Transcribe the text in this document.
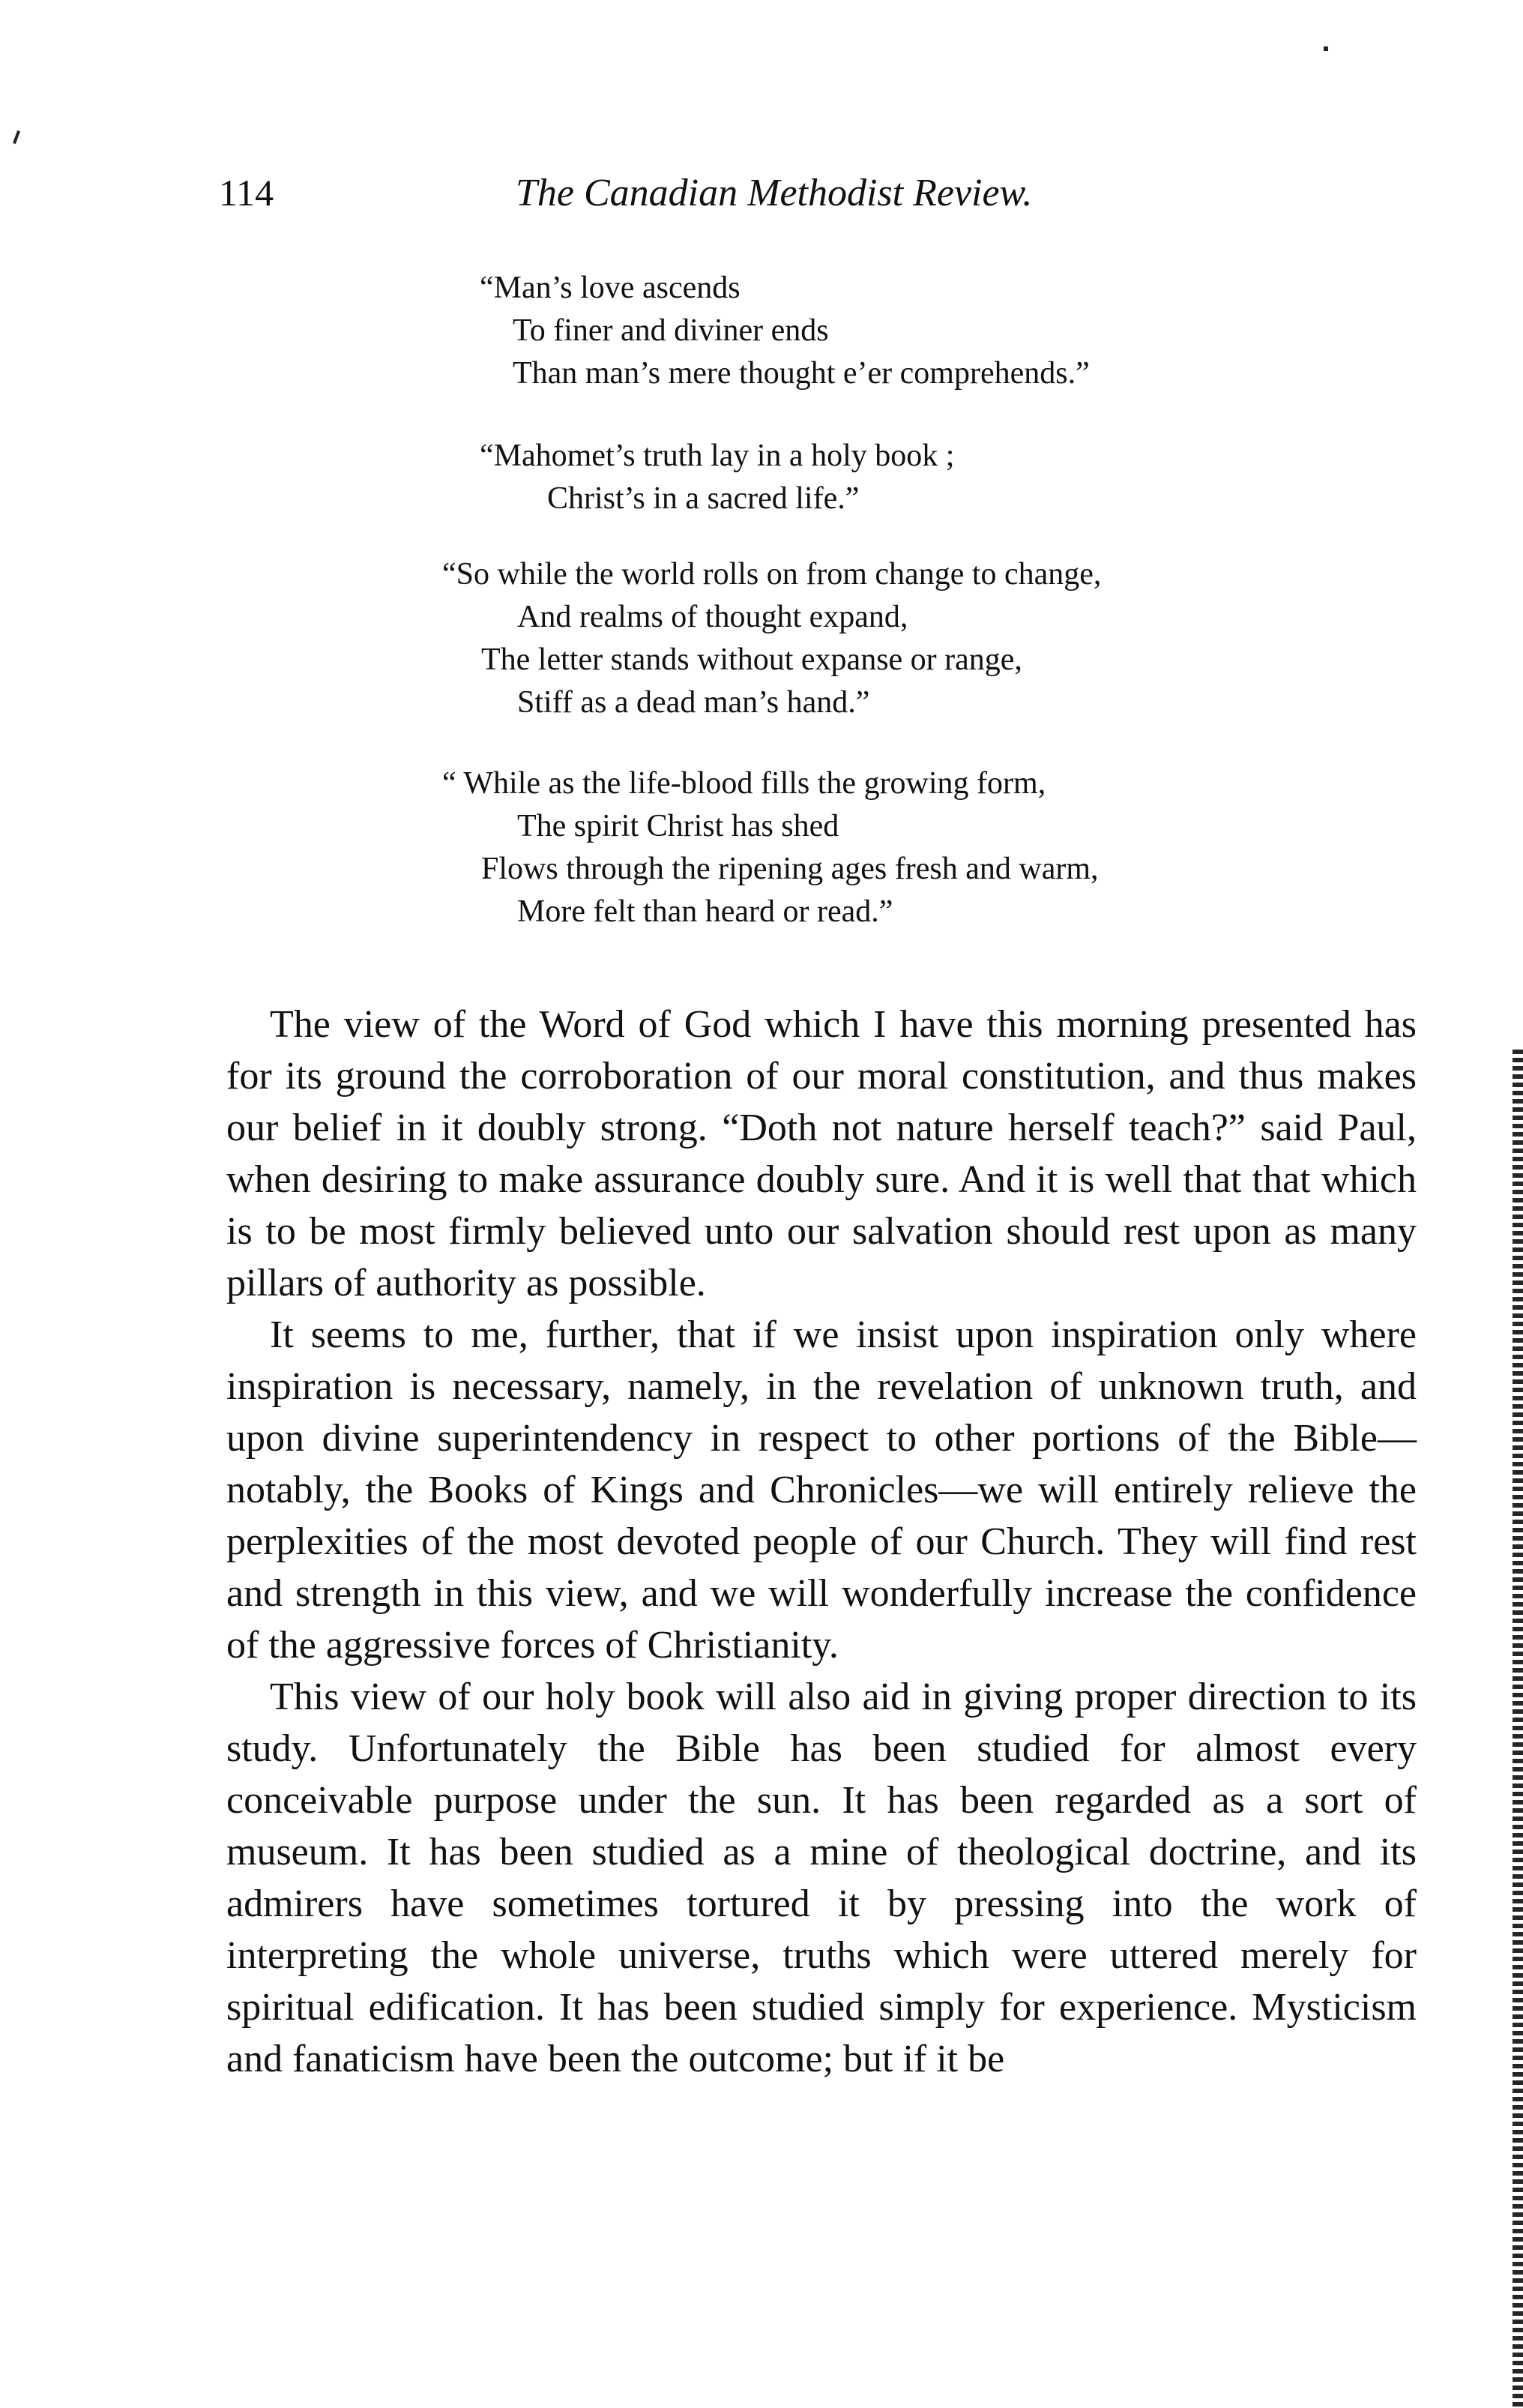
114	The Canadian Methodist Review.
“Man’s love ascends
To finer and diviner ends
Than man’s mere thought e’er comprehends.”
“Mahomet’s truth lay in a holy book ;
Christ’s in a sacred life.”
“So while the world rolls on from change to change,
And realms of thought expand,
The letter stands without expanse or range,
Stiff as a dead man’s hand.”
“ While as the life-blood fills the growing form,
The spirit Christ has shed
Flows through the ripening ages fresh and warm,
More felt than heard or read.”

The view of the Word of God which I have this morning presented has for its ground the corroboration of our moral constitution, and thus makes our belief in it doubly strong. “Doth not nature herself teach?” said Paul, when desiring to make assurance doubly sure. And it is well that that which is to be most firmly believed unto our salvation should rest upon as many pillars of authority as possible.

It seems to me, further, that if we insist upon inspiration only where inspiration is necessary, namely, in the revelation of unknown truth, and upon divine superintendency in respect to other portions of the Bible—notably, the Books of Kings and Chronicles—we will entirely relieve the perplexities of the most devoted people of our Church. They will find rest and strength in this view, and we will wonderfully increase the confidence of the aggressive forces of Christianity.

This view of our holy book will also aid in giving proper direction to its study. Unfortunately the Bible has been studied for almost every conceivable purpose under the sun. It has been regarded as a sort of museum. It has been studied as a mine of theological doctrine, and its admirers have sometimes tortured it by pressing into the work of interpreting the whole universe, truths which were uttered merely for spiritual edification. It has been studied simply for experience. Mysticism and fanaticism have been the outcome; but if it be
